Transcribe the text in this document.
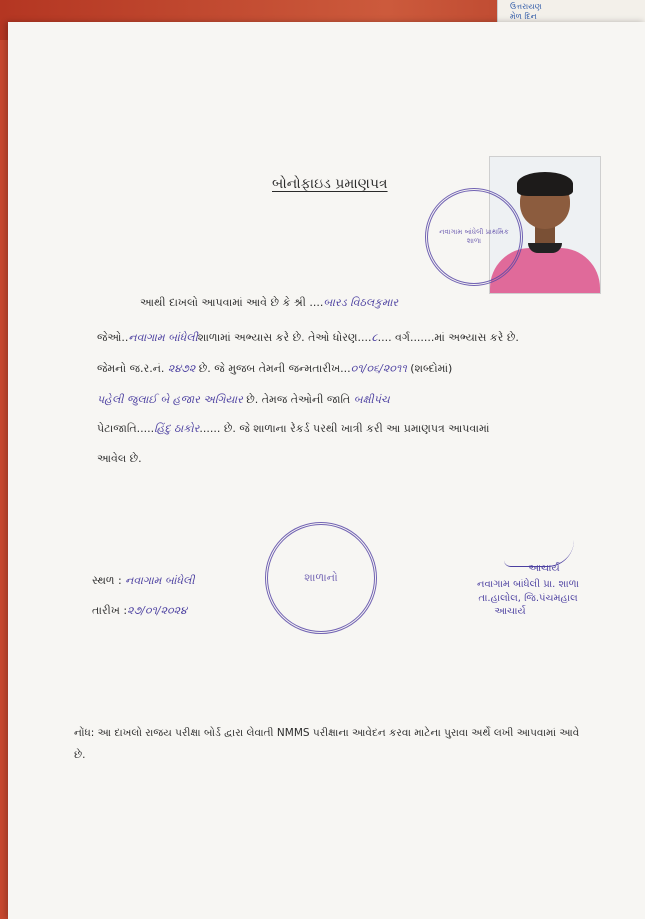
ઉત્તરાયણ
મેળ દિન
બોનોફાઇડ પ્રમાણપત્ર
નવાગામ બાંધેલી પ્રાથમિક શાળા
આથી દાખલો આપવામાં આવે છે કે શ્રી ....બારડ વિઠલકુમાર
જેઓ..નવાગામ બાંધેલીશાળામાં અભ્યાસ કરે છે. તેઓ ધોરણ....૮.... વર્ગ.......માં અભ્યાસ કરે છે.
જેમનો જ.ર.નં. ૨૪૭૨ છે. જે મુજબ તેમની જન્મતારીખ...૦૧/૦૬/૨૦૧૧ (શબ્દોમાં)
પહેલી જુલાઈ બે હજાર અગિયાર છે. તેમજ તેઓની જાતિ બક્ષીપંચ
પેટાજાતિ.....હિંદુ ઠાકોર...... છે. જે શાળાના રેકર્ડ પરથી ખાત્રી કરી આ પ્રમાણપત્ર આપવામાં
આવેલ છે.
શાળાનો
સ્થળ : નવાગામ બાંધેલી
તારીખ :૨૭/૦૧/૨૦૨૪
આચાર્ય
નવાગામ બાંધેલી પ્રા. શાળા
તા.હાલોલ, જિ.પંચમહાલ
આચાર્ય
નોંધ: આ દાખલો રાજય પરીક્ષા બોર્ડ દ્વારા લેવાતી NMMS પરીક્ષાના આવેદન કરવા માટેના પુરાવા અર્થે લખી આપવામાં આવે છે.
